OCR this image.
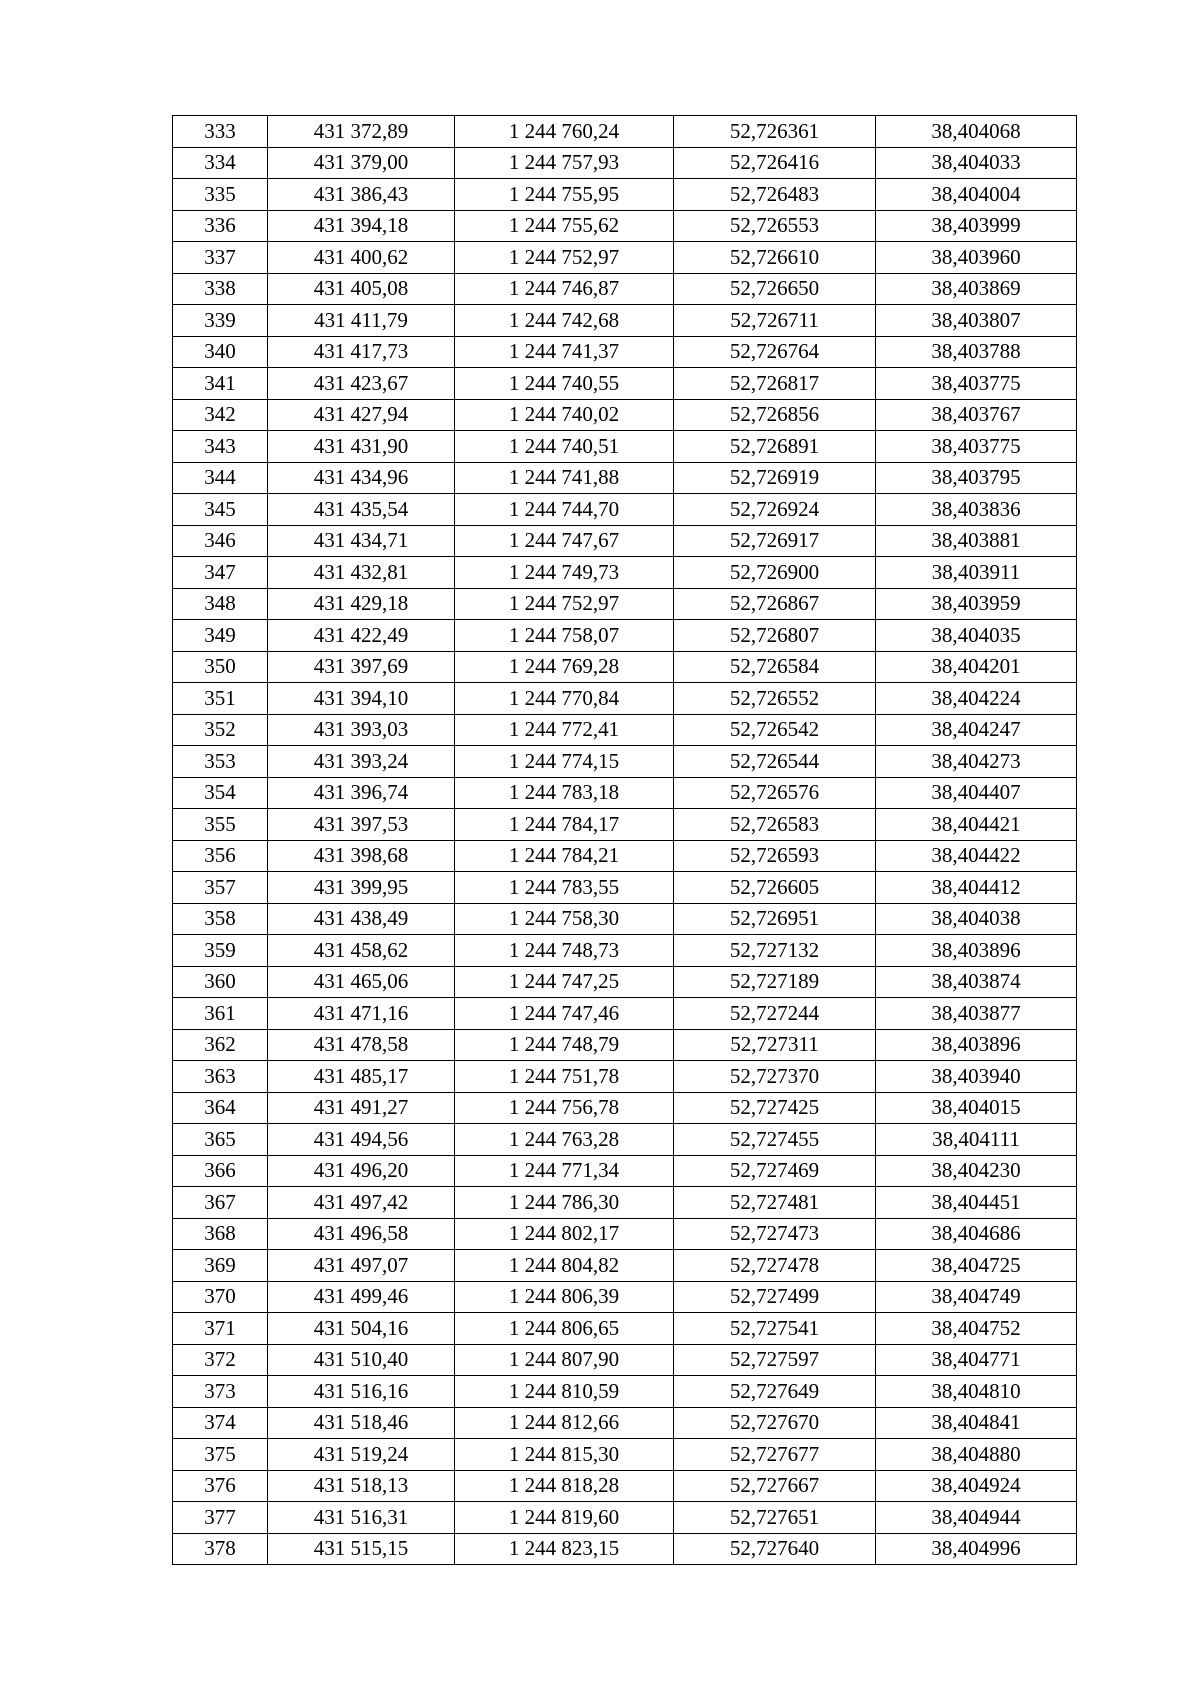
333	431 372,89	1 244 760,24	52,726361	38,404068
334	431 379,00	1 244 757,93	52,726416	38,404033
335	431 386,43	1 244 755,95	52,726483	38,404004
336	431 394,18	1 244 755,62	52,726553	38,403999
337	431 400,62	1 244 752,97	52,726610	38,403960
338	431 405,08	1 244 746,87	52,726650	38,403869
339	431 411,79	1 244 742,68	52,726711	38,403807
340	431 417,73	1 244 741,37	52,726764	38,403788
341	431 423,67	1 244 740,55	52,726817	38,403775
342	431 427,94	1 244 740,02	52,726856	38,403767
343	431 431,90	1 244 740,51	52,726891	38,403775
344	431 434,96	1 244 741,88	52,726919	38,403795
345	431 435,54	1 244 744,70	52,726924	38,403836
346	431 434,71	1 244 747,67	52,726917	38,403881
347	431 432,81	1 244 749,73	52,726900	38,403911
348	431 429,18	1 244 752,97	52,726867	38,403959
349	431 422,49	1 244 758,07	52,726807	38,404035
350	431 397,69	1 244 769,28	52,726584	38,404201
351	431 394,10	1 244 770,84	52,726552	38,404224
352	431 393,03	1 244 772,41	52,726542	38,404247
353	431 393,24	1 244 774,15	52,726544	38,404273
354	431 396,74	1 244 783,18	52,726576	38,404407
355	431 397,53	1 244 784,17	52,726583	38,404421
356	431 398,68	1 244 784,21	52,726593	38,404422
357	431 399,95	1 244 783,55	52,726605	38,404412
358	431 438,49	1 244 758,30	52,726951	38,404038
359	431 458,62	1 244 748,73	52,727132	38,403896
360	431 465,06	1 244 747,25	52,727189	38,403874
361	431 471,16	1 244 747,46	52,727244	38,403877
362	431 478,58	1 244 748,79	52,727311	38,403896
363	431 485,17	1 244 751,78	52,727370	38,403940
364	431 491,27	1 244 756,78	52,727425	38,404015
365	431 494,56	1 244 763,28	52,727455	38,404111
366	431 496,20	1 244 771,34	52,727469	38,404230
367	431 497,42	1 244 786,30	52,727481	38,404451
368	431 496,58	1 244 802,17	52,727473	38,404686
369	431 497,07	1 244 804,82	52,727478	38,404725
370	431 499,46	1 244 806,39	52,727499	38,404749
371	431 504,16	1 244 806,65	52,727541	38,404752
372	431 510,40	1 244 807,90	52,727597	38,404771
373	431 516,16	1 244 810,59	52,727649	38,404810
374	431 518,46	1 244 812,66	52,727670	38,404841
375	431 519,24	1 244 815,30	52,727677	38,404880
376	431 518,13	1 244 818,28	52,727667	38,404924
377	431 516,31	1 244 819,60	52,727651	38,404944
378	431 515,15	1 244 823,15	52,727640	38,404996
